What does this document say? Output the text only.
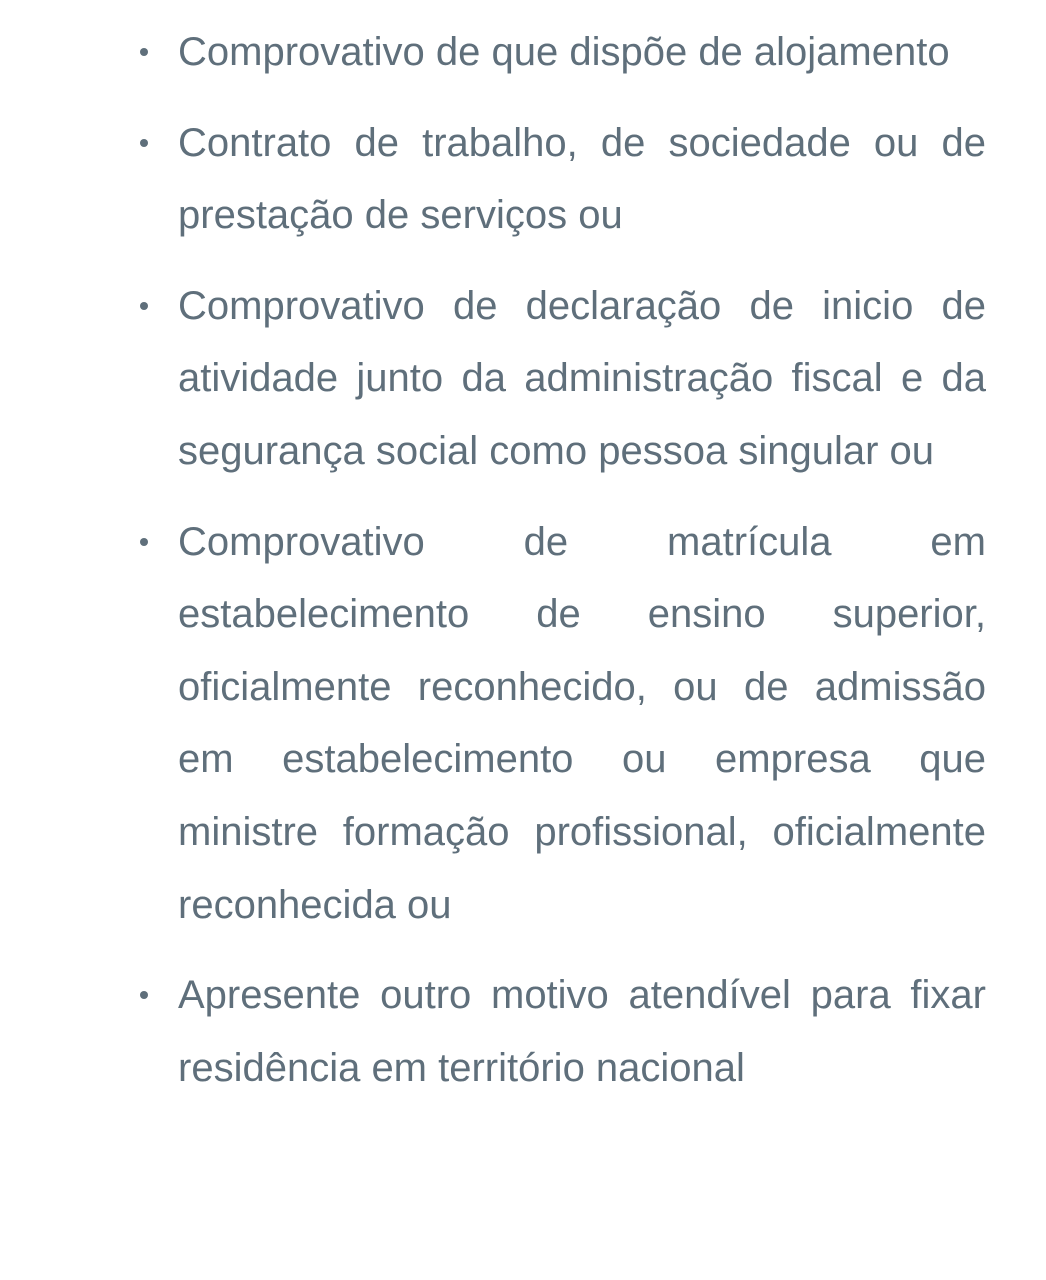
Comprovativo de que dispõe de alojamento
Contrato de trabalho, de sociedade ou de prestação de serviços ou
Comprovativo de declaração de inicio de atividade junto da administração fiscal e da segurança social como pessoa singular ou
Comprovativo de matrícula em estabelecimento de ensino superior, oficialmente reconhecido, ou de admissão em estabelecimento ou empresa que ministre formação profissional, oficialmente reconhecida ou
Apresente outro motivo atendível para fixar residência em território nacional
